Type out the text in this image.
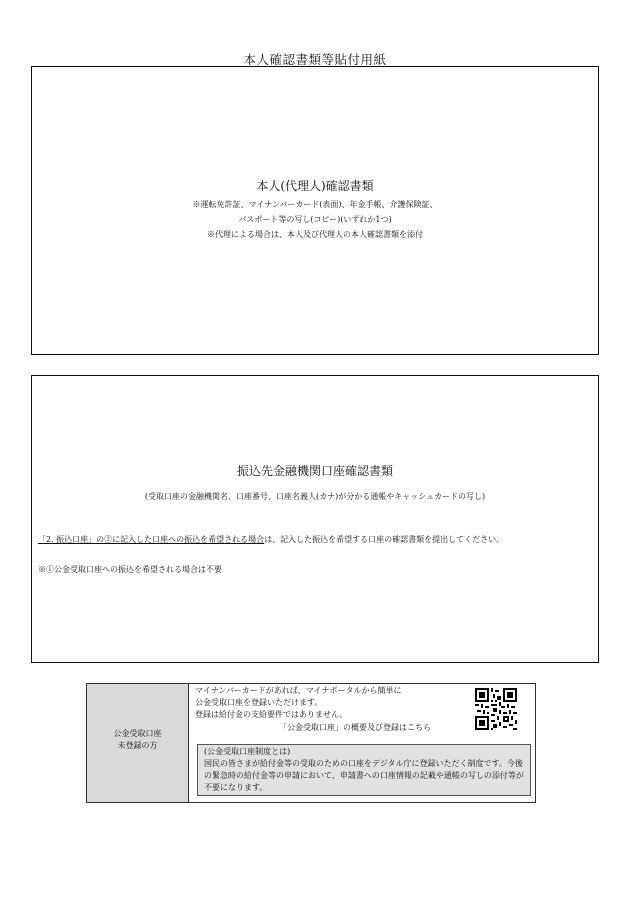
本人確認書類等貼付用紙
本人(代理人)確認書類
※運転免許証、マイナンバーカード(表面)、年金手帳、介護保険証、
パスポート等の写し(コピー)(いずれか1つ)
※代理による場合は、本人及び代理人の本人確認書類を添付
振込先金融機関口座確認書類
(受取口座の金融機関名、口座番号、口座名義人(カナ)が分かる通帳やキャッシュカードの写し)
「2. 振込口座」の②に記入した口座への振込を希望される場合は、記入した振込を希望する口座の確認書類を提出してください。
※①公金受取口座への振込を希望される場合は不要
公金受取口座
未登録の方
マイナンバーカードがあれば、マイナポータルから簡単に
公金受取口座を登録いただけます。
登録は給付金の支給要件ではありません。
「公金受取口座」の概要及び登録はこちら
(公金受取口座制度とは)
国民の皆さまが給付金等の受取のための口座をデジタル庁に登録いただく制度です。今後の緊急時の給付金等の申請において、申請書への口座情報の記載や通帳の写しの添付等が不要になります。
